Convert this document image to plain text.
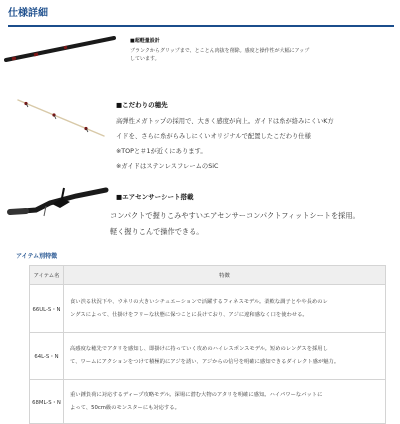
仕様詳細
■超軽量設計
ブランクからグリップまで、とことん肉抜を削除。感度と操作性が大幅にアップ
しています。
■こだわりの穂先
高弾性メガトップの採用で、大きく感度が向上。ガイドは糸が絡みにくいK方
イドを、さらに糸がらみしにくいオリジナルで配置したこだわり仕様
※TOPと＃1が近くにあります。
※ガイドはステンレスフレームのSiC
■エアセンサーシート搭載
コンパクトで握りこみやすいエアセンサーコンパクトフィットシートを採用。
軽く握りこんで操作できる。
アイテム別特徴
アイテム名	特徴
66UL-S・N	食い渋る状況下や、ウネリの大きいシチュエーションで活躍するフィネスモデル。柔軟な調子とやや長めのレ
ングスによって、仕掛けをフリーな状態に保つことに長けており、アジに違和感なく口を使わせる。

64L-S・N	高感度な穂先でアタリを感知し、即掛けに持っていく攻めのハイレスポンスモデル。短めのレングスを採用し
て、ワームにアクションをつけて積極的にアジを誘い、アジからの信号を明確に感知できるダイレクト感が魅力。

68ML-S・N	重い錘負荷に対応するディープ攻略モデル。深場に潜む大物のアタリを明確に感知。ハイパワーなバットに
よって、50cm級のモンスターにも対応する。
